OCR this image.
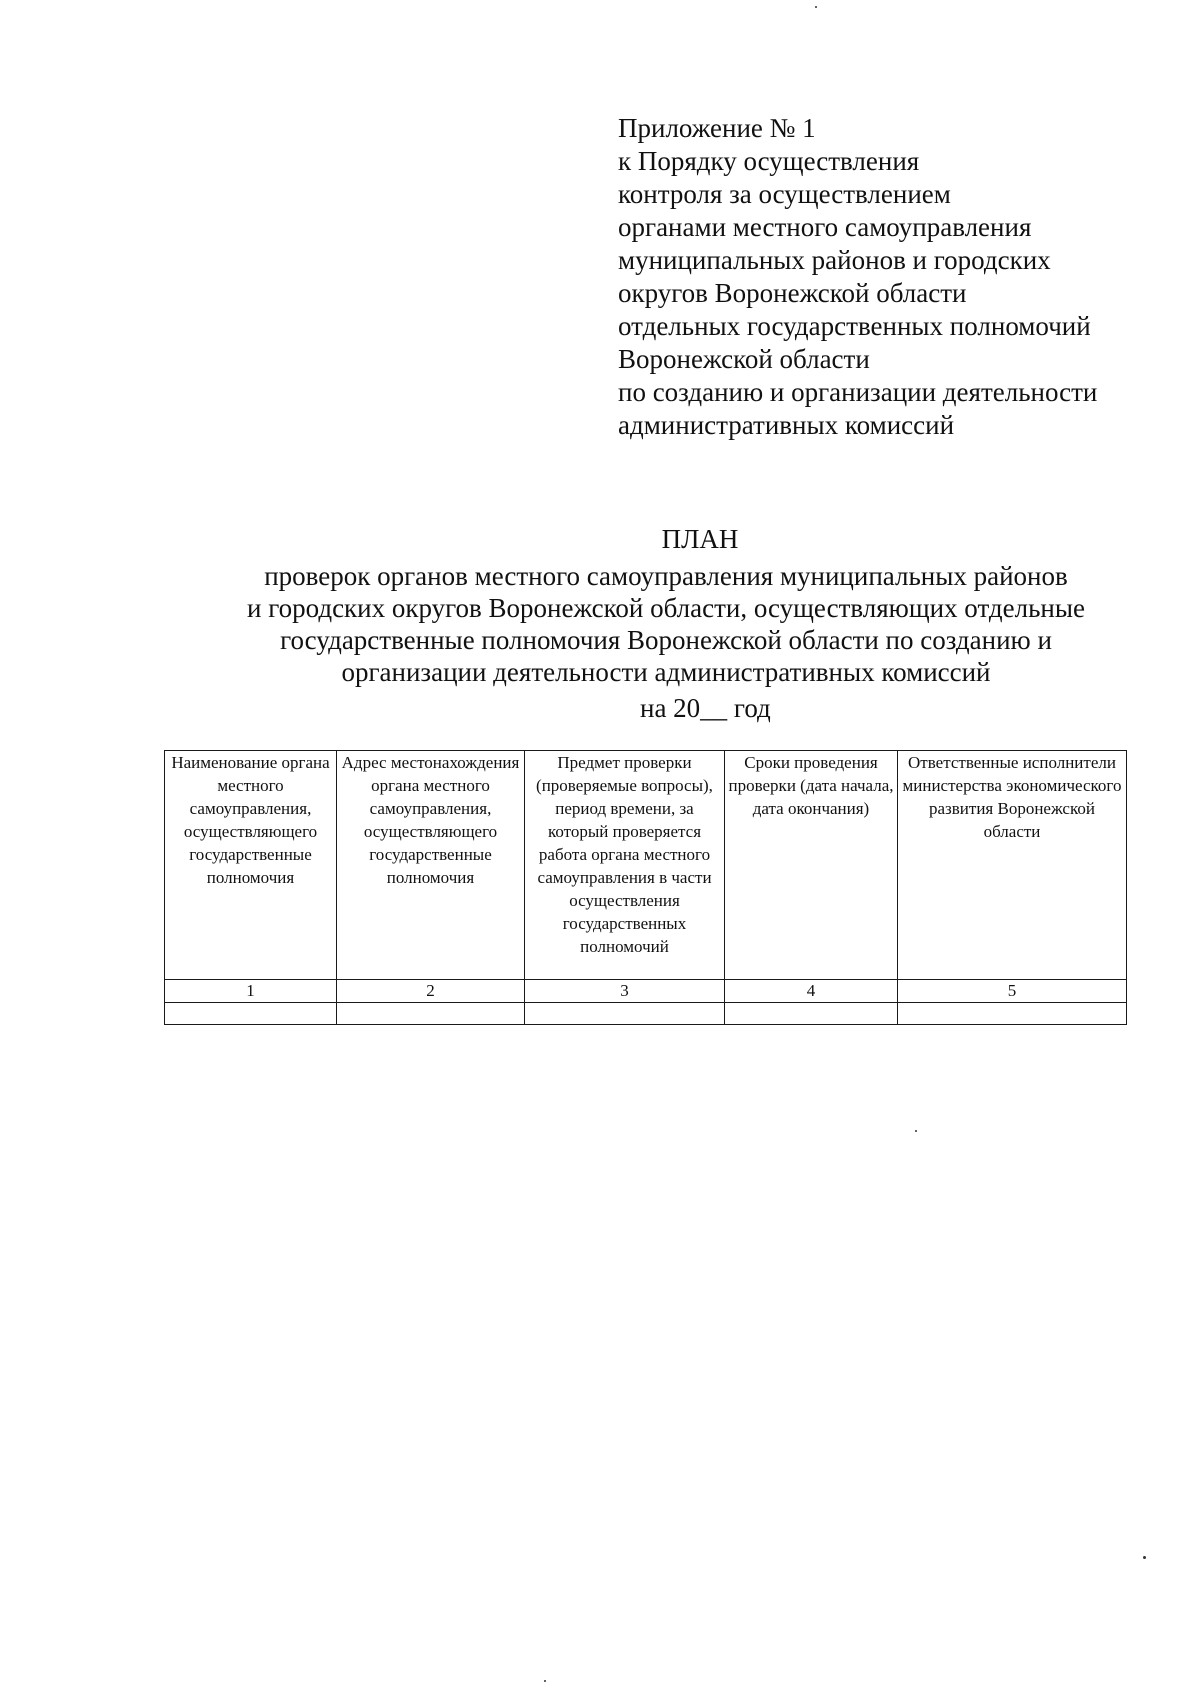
Приложение № 1
к Порядку осуществления
контроля за осуществлением
органами местного самоуправления
муниципальных районов и городских
округов Воронежской области
отдельных государственных полномочий
Воронежской области
по созданию и организации деятельности
административных комиссий
ПЛАН
проверок органов местного самоуправления муниципальных районов
и городских округов Воронежской области, осуществляющих отдельные
государственные полномочия Воронежской области по созданию и
организации деятельности административных комиссий
на 20__ год
Наименование органа местного самоуправления, осуществляющего государственные полномочия	Адрес местонахождения органа местного самоуправления, осуществляющего государственные полномочия	Предмет проверки (проверяемые вопросы), период времени, за который проверяется работа органа местного самоуправления в части осуществления государственных полномочий	Сроки проведения проверки (дата начала, дата окончания)	Ответственные исполнители министерства экономического развития Воронежской области
1	2	3	4	5
